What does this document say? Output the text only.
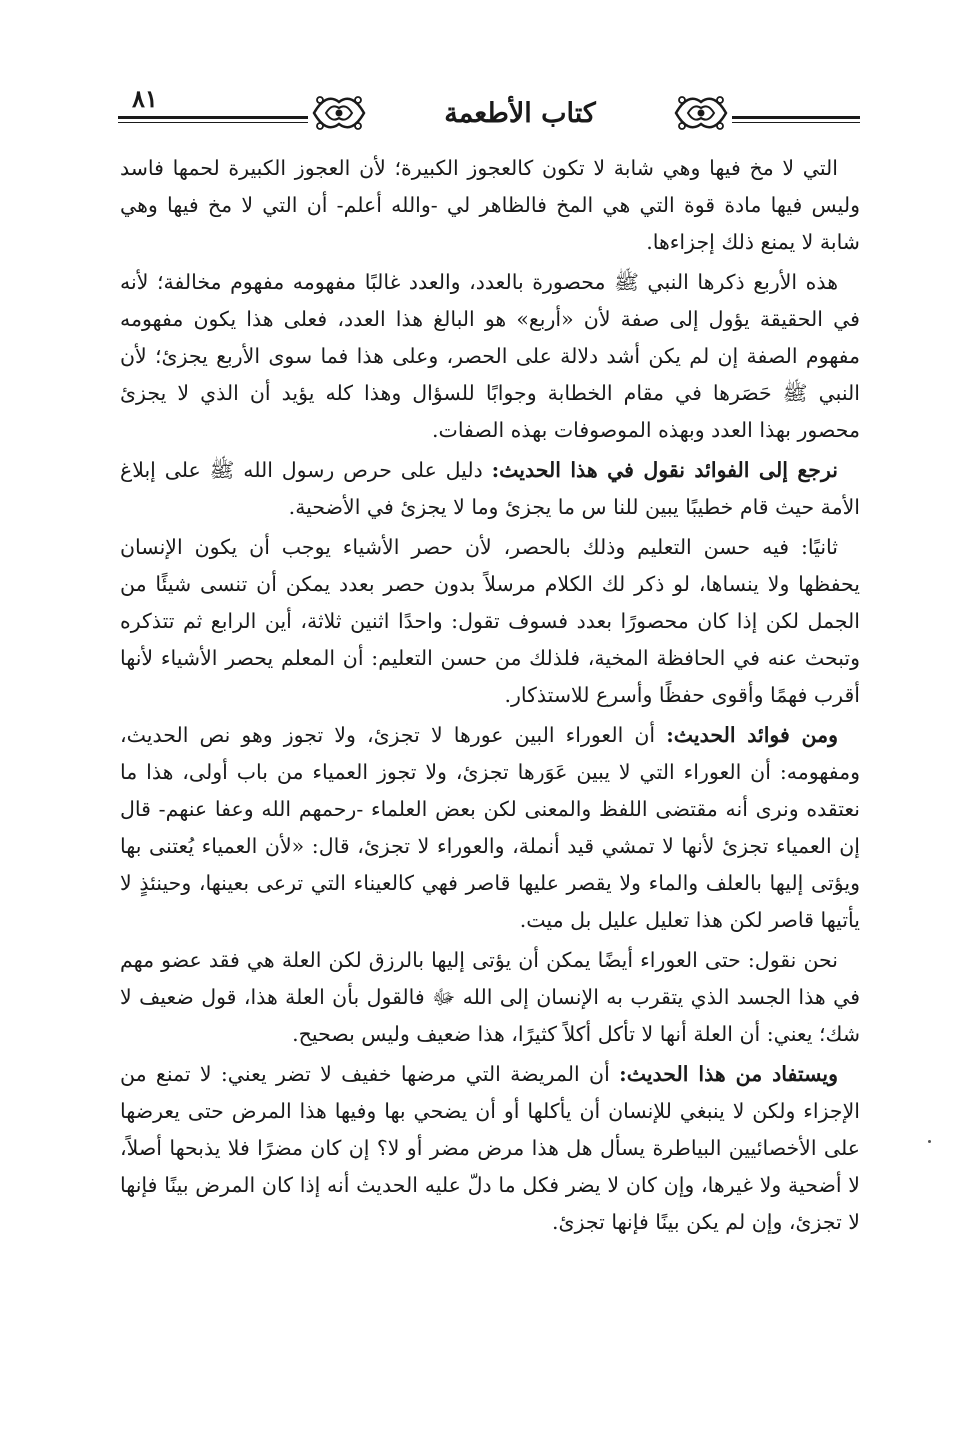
٨١	كتاب الأطعمة

التي لا مخ فيها وهي شابة لا تكون كالعجوز الكبيرة؛ لأن العجوز الكبيرة لحمها فاسد وليس فيها مادة قوة التي هي المخ فالظاهر لي -والله أعلم- أن التي لا مخ فيها وهي شابة لا يمنع ذلك إجزاءها.

هذه الأربع ذكرها النبي ﷺ محصورة بالعدد، والعدد غالبًا مفهومه مفهوم مخالفة؛ لأنه في الحقيقة يؤول إلى صفة لأن «أربع» هو البالغ هذا العدد، فعلى هذا يكون مفهومه مفهوم الصفة إن لم يكن أشد دلالة على الحصر، وعلى هذا فما سوى الأربع يجزئ؛ لأن النبي ﷺ حَصَرها في مقام الخطابة وجوابًا للسؤال وهذا كله يؤيد أن الذي لا يجزئ محصور بهذا العدد وبهذه الموصوفات بهذه الصفات.

نرجع إلى الفوائد نقول في هذا الحديث: دليل على حرص رسول الله ﷺ على إبلاغ الأمة حيث قام خطيبًا يبين للنا س ما يجزئ وما لا يجزئ في الأضحية.

ثانيًا: فيه حسن التعليم وذلك بالحصر، لأن حصر الأشياء يوجب أن يكون الإنسان يحفظها ولا ينساها، لو ذكر لك الكلام مرسلاً بدون حصر بعدد يمكن أن تنسى شيئًا من الجمل لكن إذا كان محصورًا بعدد فسوف تقول: واحدًا اثنين ثلاثة، أين الرابع ثم تتذكره وتبحث عنه في الحافظة المخية، فلذلك من حسن التعليم: أن المعلم يحصر الأشياء لأنها أقرب فهمًا وأقوى حفظًا وأسرع للاستذكار.

ومن فوائد الحديث: أن العوراء البين عورها لا تجزئ، ولا تجوز وهو نص الحديث، ومفهومه: أن العوراء التي لا يبين عَوَرها تجزئ، ولا تجوز العمياء من باب أولى، هذا ما نعتقده ونرى أنه مقتضى اللفظ والمعنى لكن بعض العلماء -رحمهم الله وعفا عنهم- قال إن العمياء تجزئ لأنها لا تمشي قيد أنملة، والعوراء لا تجزئ، قال: «لأن العمياء يُعتنى بها ويؤتى إليها بالعلف والماء ولا يقصر عليها قاصر فهي كالعيناء التي ترعى بعينها، وحينئذٍ لا يأتيها قاصر لكن هذا تعليل عليل بل ميت.

نحن نقول: حتى العوراء أيضًا يمكن أن يؤتى إليها بالرزق لكن العلة هي فقد عضو مهم في هذا الجسد الذي يتقرب به الإنسان إلى الله ﷻ فالقول بأن العلة هذا، قول ضعيف لا شك؛ يعني: أن العلة أنها لا تأكل أكلاً كثيرًا، هذا ضعيف وليس بصحيح.

ويستفاد من هذا الحديث: أن المريضة التي مرضها خفيف لا تضر يعني: لا تمنع من الإجزاء ولكن لا ينبغي للإنسان أن يأكلها أو أن يضحي بها وفيها هذا المرض حتى يعرضها على الأخصائيين البياطرة يسأل هل هذا مرض مضر أو لا؟ إن كان مضرًا فلا يذبحها أصلاً، لا أضحية ولا غيرها، وإن كان لا يضر فكل ما دلّ عليه الحديث أنه إذا كان المرض بينًا فإنها لا تجزئ، وإن لم يكن بينًا فإنها تجزئ.
